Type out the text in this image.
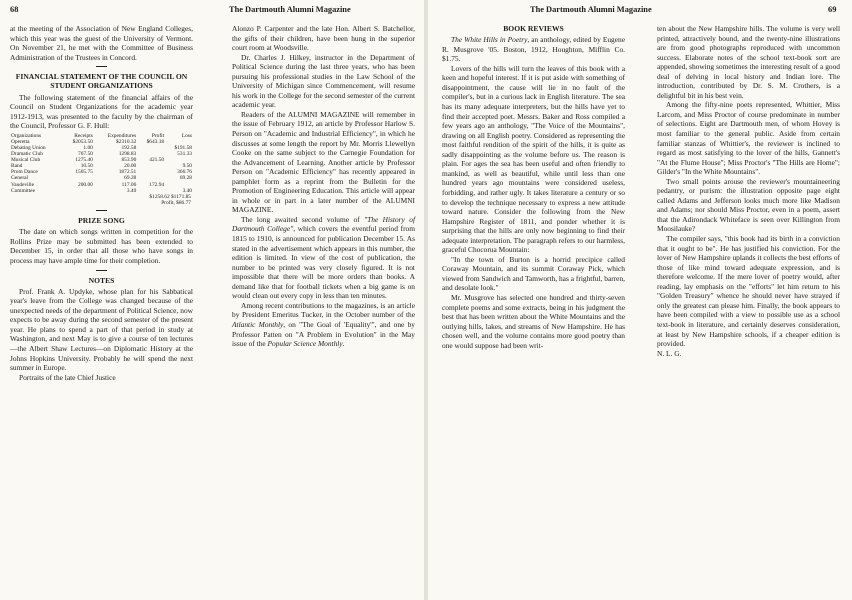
68	The Dartmouth Alumni Magazine

at the meeting of the Association of New England Colleges, which this year was the guest of the University of Vermont. On November 21, he met with the Committee of Business Administration of the Trustees in Concord.

FINANCIAL STATEMENT OF THE COUNCIL ON STUDENT ORGANIZATIONS

The following statement of the financial affairs of the Council on Student Organizations for the academic year 1912-1913, was presented to the faculty by the chairman of the Council, Professor G. F. Hull:

Organizations	Receipts	Expenditures	Profit	Loss
Operetta	$2053.50	$2310.32	$643.18	
Debating Union	1.00	192.58		$191.58
Dramatic Club	767.50	1298.83		531.33
Musical Club	1275.40	853.90	421.50	
Band	10.50	20.00		9.50
Prom Dance	1505.75	1872.51		366.76
General		69.28		69.28
Vaudeville	200.00	117.06	172.94	
Committee		3.40		3.40
$1258.62 $1171.85
Profit, $86.77
PRIZE SONG

The date on which songs written in competition for the Rollins Prize may be submitted has been extended to December 15, in order that all those who have songs in process may have ample time for their completion.

NOTES

Prof. Frank A. Updyke, whose plan for his Sabbatical year's leave from the College was changed because of the unexpected needs of the department of Political Science, now expects to be away during the second semester of the present year. He plans to spend a part of that period in study at Washington, and next May is to give a course of ten lectures—the Albert Shaw Lectures—on Diplomatic History at the Johns Hopkins University. Probably he will spend the next summer in Europe.

Portraits of the late Chief Justice

Alonzo P. Carpenter and the late Hon. Albert S. Batchellor, the gifts of their children, have been hung in the superior court room at Woodsville.

Dr. Charles J. Hilkey, instructor in the Department of Political Science during the last three years, who has been pursuing his professional studies in the Law School of the University of Michigan since Commencement, will resume his work in the College for the second semester of the current academic year.

Readers of the ALUMNI MAGAZINE will remember in the issue of February 1912, an article by Professor Harlow S. Person on "Academic and Industrial Efficiency", in which he discusses at some length the report by Mr. Morris Llewellyn Cooke on the same subject to the Carnegie Foundation for the Advancement of Learning. Another article by Professor Person on "Academic Efficiency" has recently appeared in pamphlet form as a reprint from the Bulletin for the Promotion of Engineering Education. This article will appear in whole or in part in a later number of the ALUMNI MAGAZINE.

The long awaited second volume of "The History of Dartmouth College", which covers the eventful period from 1815 to 1910, is announced for publication December 15. As stated in the advertisement which appears in this number, the edition is limited. In view of the cost of publication, the number to be printed was very closely figured. It is not impossible that there will be more orders than books. A demand like that for football tickets when a big game is on would clean out every copy in less than ten minutes.

Among recent contributions to the magazines, is an article by President Emeritus Tucker, in the October number of the Atlantic Monthly, on "The Goal of 'Equality'", and one by Professor Patten on "A Problem in Evolution" in the May issue of the Popular Science Monthly.

The Dartmouth Alumni Magazine	69
BOOK REVIEWS

The White Hills in Poetry, an anthology, edited by Eugene R. Musgrove '05. Boston, 1912, Houghton, Mifflin Co. $1.75.

Lovers of the hills will turn the leaves of this book with a keen and hopeful interest. If it is put aside with something of disappointment, the cause will lie in no fault of the compiler's, but in a curious lack in English literature. The sea has its many adequate interpreters, but the hills have yet to find their accepted poet. Messrs. Baker and Ross compiled a few years ago an anthology, "The Voice of the Mountains", drawing on all English poetry. Considered as representing the most faithful rendition of the spirit of the hills, it is quite as sadly disappointing as the volume before us. The reason is plain. For ages the sea has been useful and often friendly to mankind, as well as beautiful, while until less than one hundred years ago mountains were considered useless, forbidding, and rather ugly. It takes literature a century or so to develop the technique necessary to express a new attitude toward nature. Consider the following from the New Hampshire Register of 1811, and ponder whether it is surprising that the hills are only now beginning to find their adequate interpretation. The paragraph refers to our harmless, graceful Chocorua Mountain:

"In the town of Burton is a horrid precipice called Coraway Mountain, and its summit Coraway Pick, which viewed from Sandwich and Tamworth, has a frightful, barren, and desolate look."

Mr. Musgrove has selected one hundred and thirty-seven complete poems and some extracts, being in his judgment the best that has been written about the White Mountains and the outlying hills, lakes, and streams of New Hampshire. He has chosen well, and the volume contains more good poetry than one would suppose had been writ-

ten about the New Hampshire hills. The volume is very well printed, attractively bound, and the twenty-nine illustrations are from good photographs reproduced with uncommon success. Elaborate notes of the school text-book sort are appended, showing sometimes the interesting result of a good deal of delving in local history and Indian lore. The introduction, contributed by Dr. S. M. Crothers, is a delightful bit in his best vein.

Among the fifty-nine poets represented, Whittier, Miss Larcom, and Miss Proctor of course predominate in number of selections. Eight are Dartmouth men, of whom Hovey is most familiar to the general public. Aside from certain familiar stanzas of Whittier's, the reviewer is inclined to regard as most satisfying to the lover of the hills, Gannett's "At the Flume House"; Miss Proctor's "The Hills are Home"; Gilder's "In the White Mountains".

Two small points arouse the reviewer's mountaineering pedantry, or purism: the illustration opposite page eight called Adams and Jefferson looks much more like Madison and Adams; nor should Miss Proctor, even in a poem, assert that the Adirondack Whiteface is seen over Killington from Moosilauke?

The compiler says, "this book had its birth in a conviction that it ought to be". He has justified his conviction. For the lover of New Hampshire uplands it collects the best efforts of those of like mind toward adequate expression, and is therefore welcome. If the mere lover of poetry would, after reading, lay emphasis on the "efforts" let him return to his "Golden Treasury" whence he should never have strayed if only the greatest can please him. Finally, the book appears to have been compiled with a view to possible use as a school text-book in literature, and certainly deserves consideration, at least by New Hampshire schools, if a cheaper edition is provided.

N. L. G.
